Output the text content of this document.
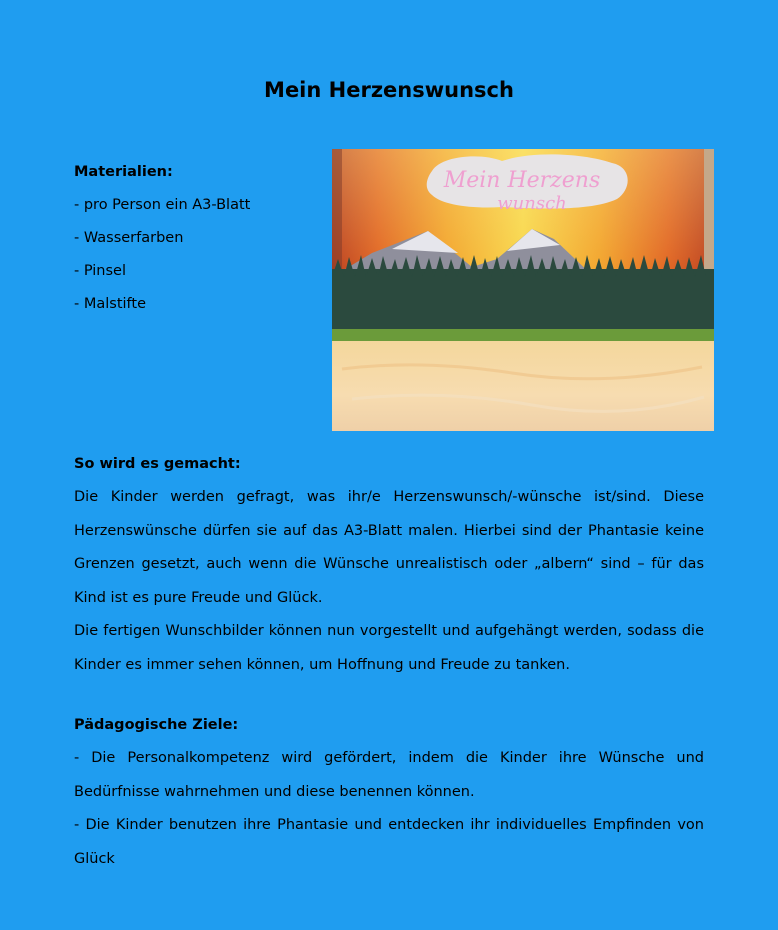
Mein Herzenswunsch
Materialien:
- pro Person ein A3-Blatt
- Wasserfarben
- Pinsel
- Malstifte
Mein Herzens
wunsch
So wird es gemacht:

Die Kinder werden gefragt, was ihr/e Herzenswunsch/-wünsche ist/sind. Diese Herzenswünsche dürfen sie auf das A3-Blatt malen. Hierbei sind der Phantasie keine Grenzen gesetzt, auch wenn die Wünsche unrealistisch oder „albern“ sind – für das Kind ist es pure Freude und Glück.

Die fertigen Wunschbilder können nun vorgestellt und aufgehängt werden, sodass die Kinder es immer sehen können, um Hoffnung und Freude zu tanken.

Pädagogische Ziele:

- Die Personalkompetenz wird gefördert, indem die Kinder ihre Wünsche und Bedürfnisse wahrnehmen und diese benennen können.

- Die Kinder benutzen ihre Phantasie und entdecken ihr individuelles Empfinden von Glück
